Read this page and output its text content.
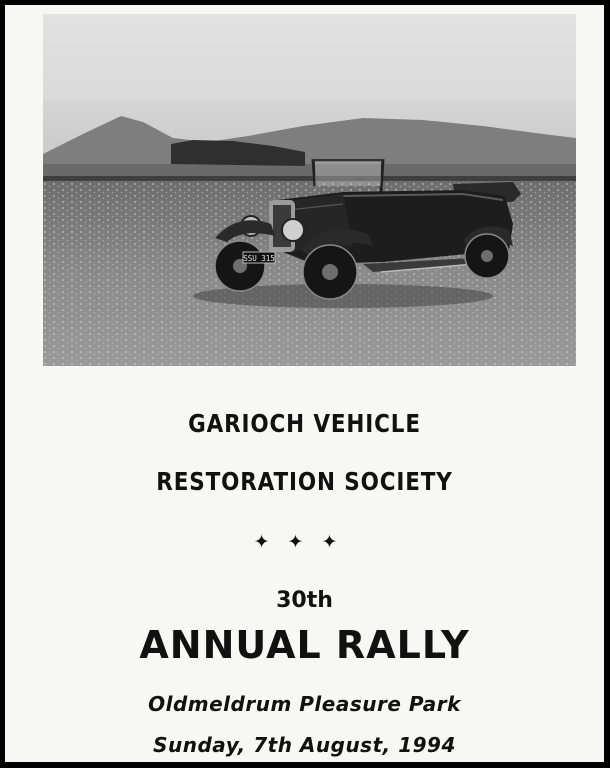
SSU 315
GARIOCH VEHICLE
RESTORATION SOCIETY
✦✦✦
30th
ANNUAL RALLY
Oldmeldrum Pleasure Park
Sunday, 7th August, 1994
